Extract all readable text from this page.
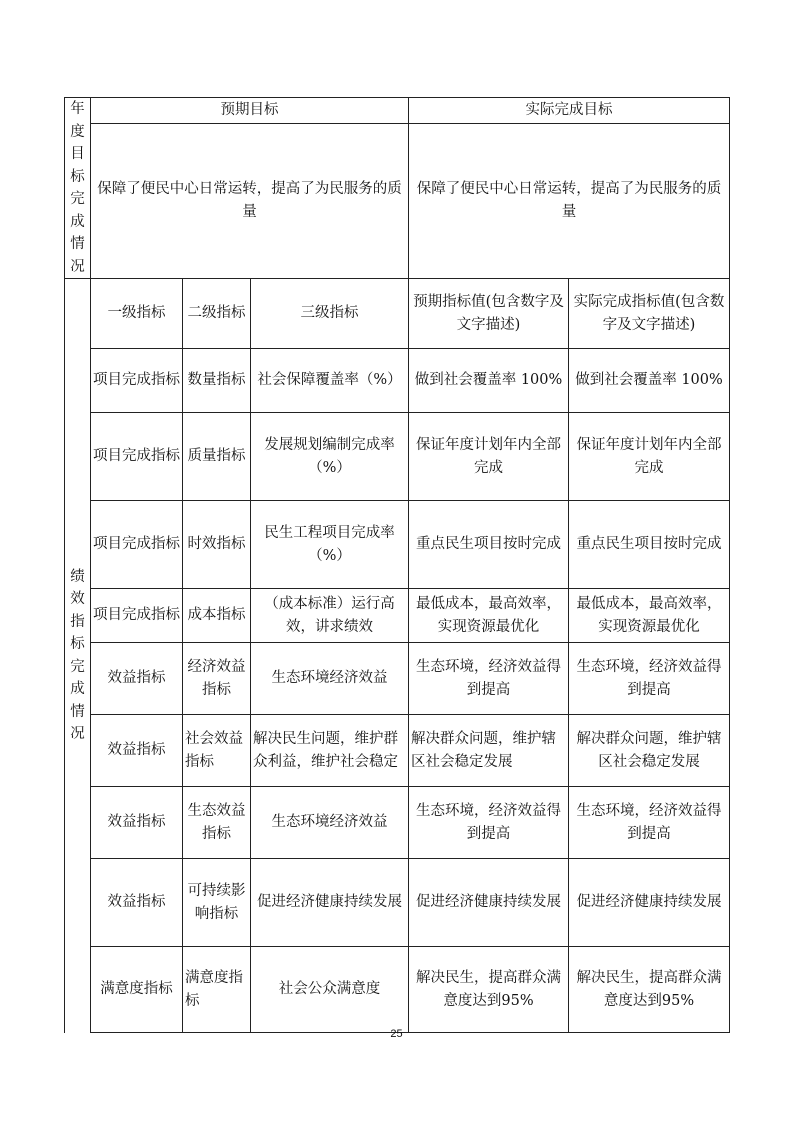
年度目标完成情况	预期目标			实际完成目标	
	保障了便民中心日常运转，提高了为民服务的质量			保障了便民中心日常运转，提高了为民服务的质量	

绩效指标完成情况	一级指标	二级指标	三级指标	预期指标值(包含数字及文字描述)	实际完成指标值(包含数字及文字描述)
	项目完成指标	数量指标	社会保障覆盖率（%）	做到社会覆盖率 100%	做到社会覆盖率 100%
	项目完成指标	质量指标	发展规划编制完成率（%）	保证年度计划年内全部完成	保证年度计划年内全部完成
	项目完成指标	时效指标	民生工程项目完成率（%）	重点民生项目按时完成	重点民生项目按时完成
	项目完成指标	成本指标	（成本标准）运行高效，讲求绩效	最低成本，最高效率，实现资源最优化	最低成本，最高效率，实现资源最优化
	效益指标	经济效益指标	生态环境经济效益	生态环境，经济效益得到提高	生态环境，经济效益得到提高
	效益指标	社会效益指标	解决民生问题，维护群众利益，维护社会稳定	解决群众问题，维护辖区社会稳定发展	解决群众问题，维护辖区社会稳定发展
	效益指标	生态效益指标	生态环境经济效益	生态环境，经济效益得到提高	生态环境，经济效益得到提高
	效益指标	可持续影响指标	促进经济健康持续发展	促进经济健康持续发展	促进经济健康持续发展
	满意度指标	满意度指标	社会公众满意度	解决民生，提高群众满意度达到95%	解决民生，提高群众满意度达到95%
25
